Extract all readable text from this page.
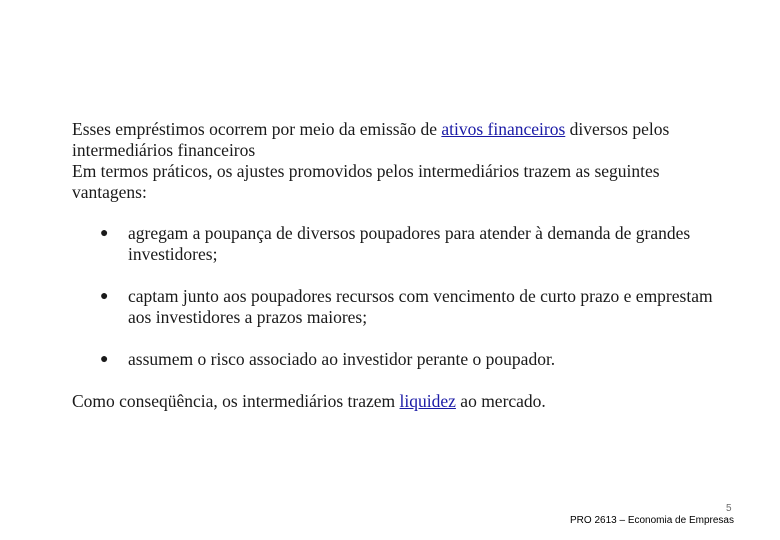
Esses empréstimos ocorrem por meio da emissão de ativos financeiros diversos pelos intermediários financeiros

Em termos práticos, os ajustes promovidos pelos intermediários trazem as seguintes vantagens:

● agregam a poupança de diversos poupadores para atender à demanda de grandes investidores;
● captam junto aos poupadores recursos com vencimento de curto prazo e emprestam aos investidores a prazos maiores;
● assumem o risco associado ao investidor perante o poupador.

Como conseqüência, os intermediários trazem liquidez ao mercado.

5
PRO 2613 – Economia de Empresas
